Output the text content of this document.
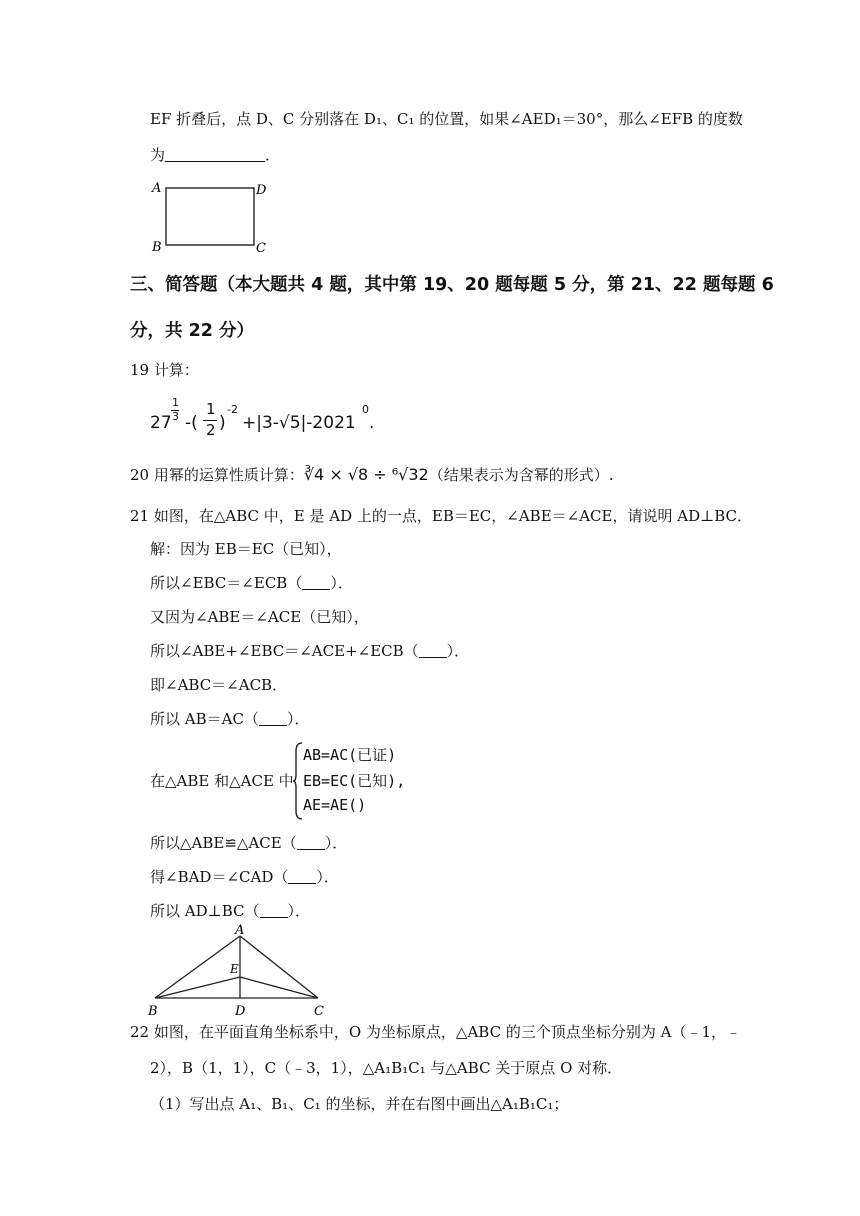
EF 折叠后，点 D、C 分别落在 D₁、C₁ 的位置，如果∠AED₁＝30°，那么∠EFB 的度数
为	．
A	D
B	C
三、简答题（本大题共 4 题，其中第 19、20 题每题 5 分，第 21、22 题每题 6
分，共 22 分）
19 计算：
27
1
3 -(
1
2 )
-2
+|3-√5|-2021
0
.
20 用幂的运算性质计算：∛4 × √8 ÷ ⁶√32（结果表示为含幂的形式）.
21 如图，在△ABC 中，E 是 AD 上的一点，EB＝EC，∠ABE＝∠ACE，请说明 AD⊥BC．
解：因为 EB＝EC（已知），
所以∠EBC＝∠ECB（ ）．
又因为∠ABE＝∠ACE（已知），
所以∠ABE+∠EBC＝∠ACE+∠ECB（ ）．
即∠ABC＝∠ACB．
所以 AB＝AC（ ）．
在△ABE 和△ACE 中
AB=AC(已证)
EB=EC(已知),
AE=AE()
所以△ABE≌△ACE（ ）．
得∠BAD＝∠CAD（ ）．
所以 AD⊥BC（ ）．
A
E
B	D	C
22 如图，在平面直角坐标系中，O 为坐标原点，△ABC 的三个顶点坐标分别为 A（﹣1，﹣
2），B（1，1），C（﹣3，1），△A₁B₁C₁ 与△ABC 关于原点 O 对称．
（1）写出点 A₁、B₁、C₁ 的坐标，并在右图中画出△A₁B₁C₁；
